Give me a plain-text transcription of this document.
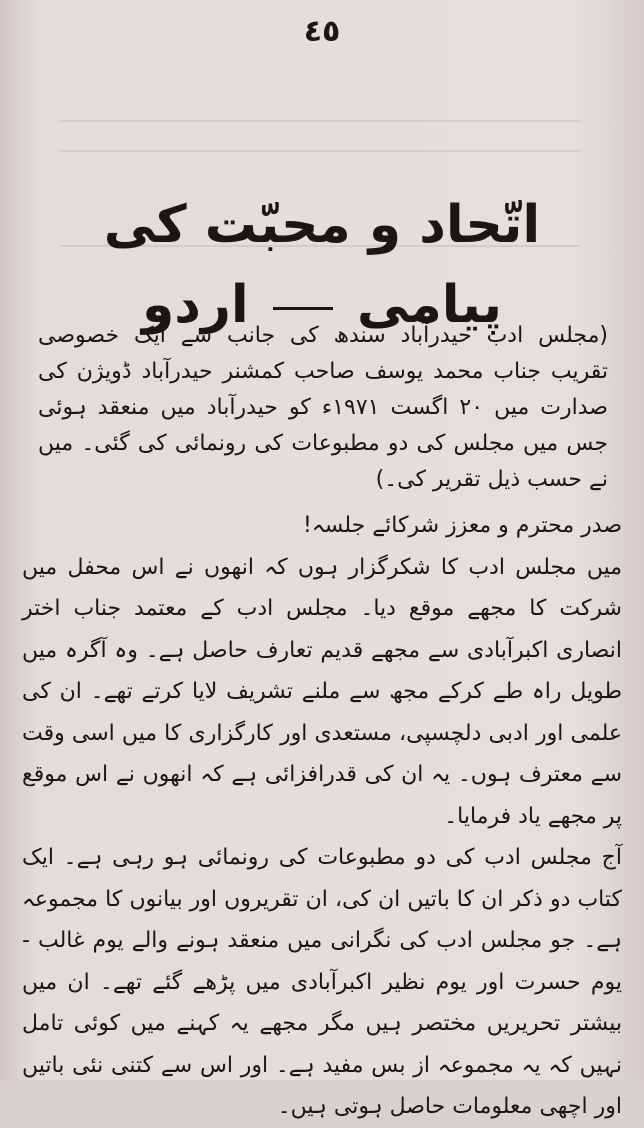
٤٥
اتّحاد و محبّت کی پیامی  اردو

(مجلس ادب حیدرآباد سندھ کی جانب سے ایک خصوصی تقریب جناب محمد یوسف صاحب کمشنر حیدرآباد ڈویژن کی صدارت میں ۲۰ اگست ۱۹۷۱ء کو حیدرآباد میں منعقد ہوئی جس میں مجلس کی دو مطبوعات کی رونمائی کی گئی۔ میں نے حسب ذیل تقریر کی۔)

صدر محترم و معزز شرکائے جلسہ!

میں مجلس ادب کا شکرگزار ہوں کہ انھوں نے اس محفل میں شرکت کا مجھے موقع دیا۔ مجلس ادب کے معتمد جناب اختر انصاری اکبرآبادی سے مجھے قدیم تعارف حاصل ہے۔ وہ آگرہ میں طویل راہ طے کرکے مجھ سے ملنے تشریف لایا کرتے تھے۔ ان کی علمی اور ادبی دلچسپی، مستعدی اور کارگزاری کا میں اسی وقت سے معترف ہوں۔ یہ ان کی قدرافزائی ہے کہ انھوں نے اس موقع پر مجھے یاد فرمایا۔

آج مجلس ادب کی دو مطبوعات کی رونمائی ہو رہی ہے۔ ایک کتاب دو ذکر ان کا باتیں ان کی، ان تقریروں اور بیانوں کا مجموعہ ہے۔ جو مجلس ادب کی نگرانی میں منعقد ہونے والے یوم غالب - یوم حسرت اور یوم نظیر اکبرآبادی میں پڑھے گئے تھے۔ ان میں بیشتر تحریریں مختصر ہیں مگر مجھے یہ کہنے میں کوئی تامل نہیں کہ یہ مجموعہ از بس مفید ہے۔ اور اس سے کتنی نئی باتیں اور اچھی معلومات حاصل ہوتی ہیں۔
